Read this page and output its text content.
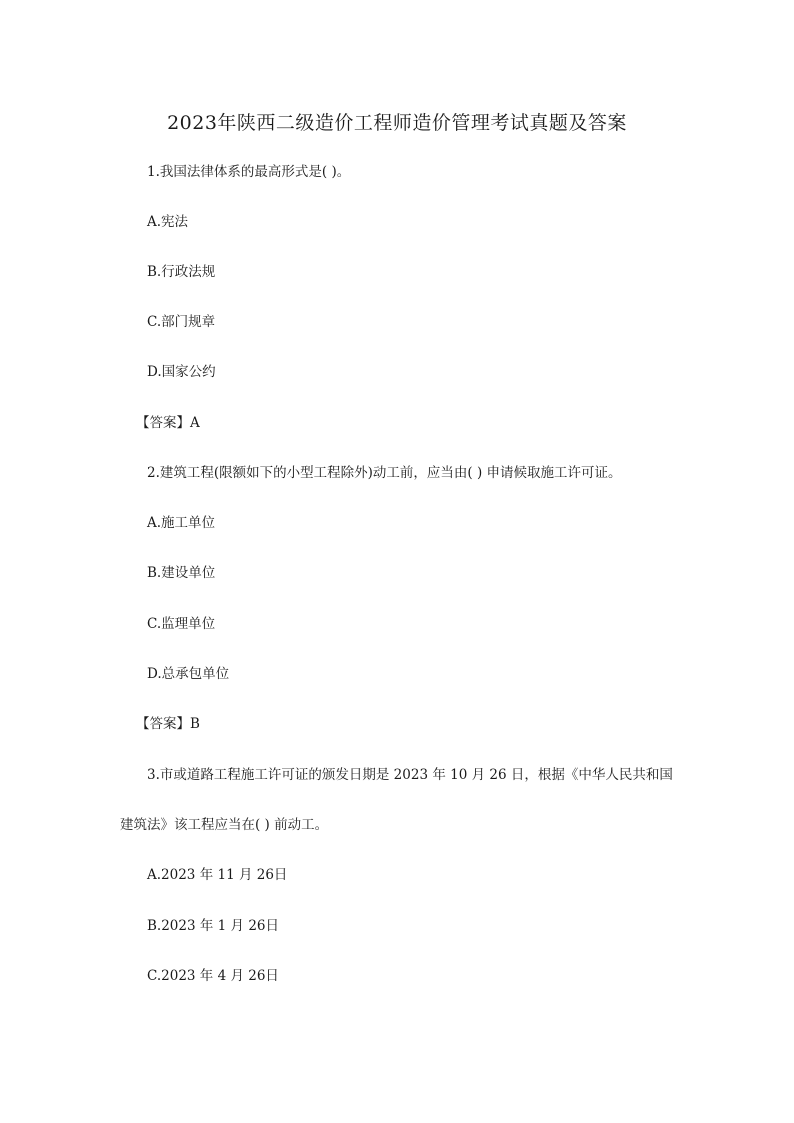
2023年陕西二级造价工程师造价管理考试真题及答案
1.我国法律体系的最高形式是( )。
A.宪法
B.行政法规
C.部门规章
D.国家公约
【答案】A
2.建筑工程(限额如下的小型工程除外)动工前，应当由( ) 申请候取施工许可证。
A.施工单位
B.建设单位
C.监理单位
D.总承包单位
【答案】B
3.市或道路工程施工许可证的颁发日期是 2023 年 10 月 26 日，根据《中华人民共和国
建筑法》该工程应当在( ) 前动工。
A.2023 年 11 月 26日
B.2023 年 1 月 26日
C.2023 年 4 月 26日
